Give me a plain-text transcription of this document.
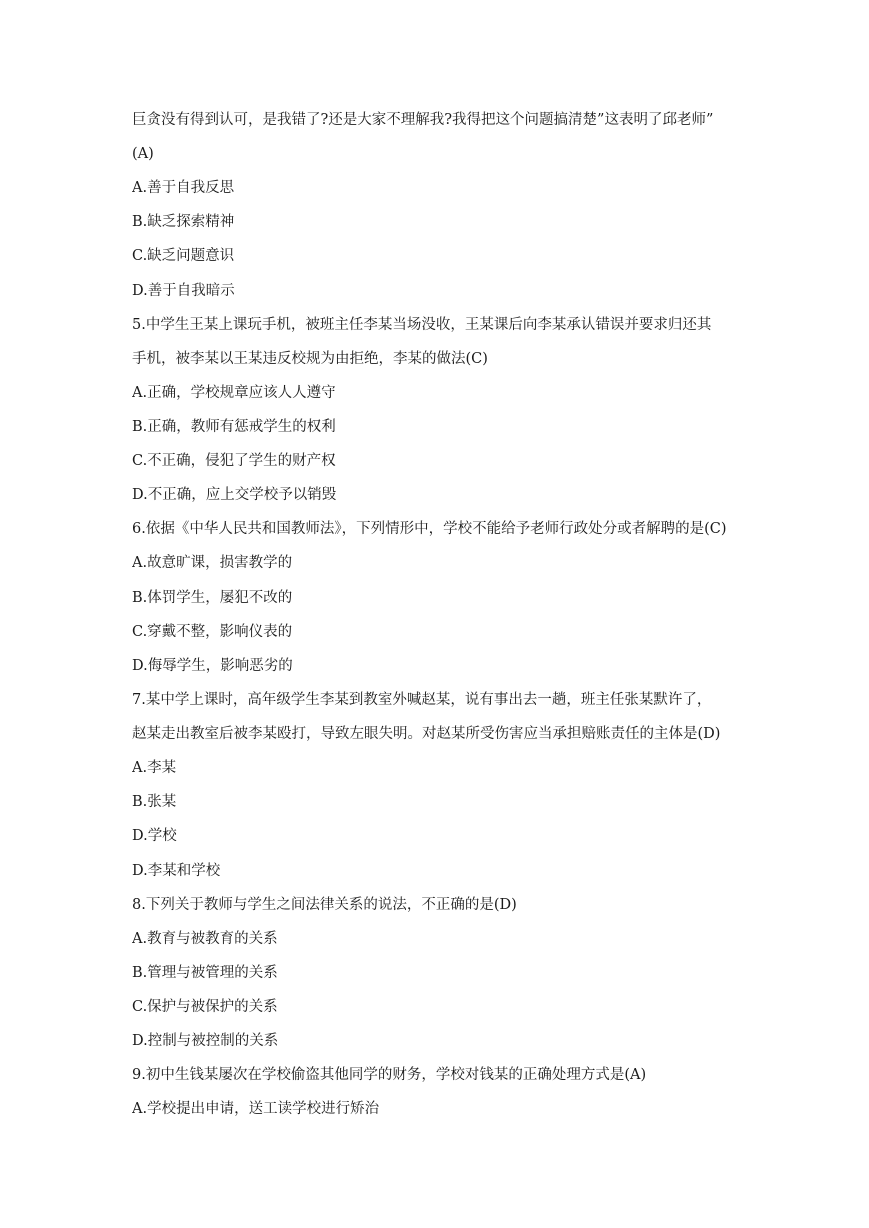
巨贪没有得到认可，是我错了?还是大家不理解我?我得把这个问题搞清楚”这表明了邱老师”
(A)
A.善于自我反思
B.缺乏探索精神
C.缺乏问题意识
D.善于自我暗示
5.中学生王某上课玩手机，被班主任李某当场没收，王某课后向李某承认错误并要求归还其
手机，被李某以王某违反校规为由拒绝，李某的做法(C)
A.正确，学校规章应该人人遵守
B.正确，教师有惩戒学生的权利
C.不正确，侵犯了学生的财产权
D.不正确，应上交学校予以销毁
6.依据《中华人民共和国教师法》，下列情形中，学校不能给予老师行政处分或者解聘的是(C)
A.故意旷课，损害教学的
B.体罚学生，屡犯不改的
C.穿戴不整，影响仪表的
D.侮辱学生，影响恶劣的
7.某中学上课时，高年级学生李某到教室外喊赵某，说有事出去一趟，班主任张某默许了，
赵某走出教室后被李某殴打，导致左眼失明。对赵某所受伤害应当承担赔账责任的主体是(D)
A.李某
B.张某
D.学校
D.李某和学校
8.下列关于教师与学生之间法律关系的说法，不正确的是(D)
A.教育与被教育的关系
B.管理与被管理的关系
C.保护与被保护的关系
D.控制与被控制的关系
9.初中生钱某屡次在学校偷盗其他同学的财务，学校对钱某的正确处理方式是(A)
A.学校提出申请，送工读学校进行矫治
